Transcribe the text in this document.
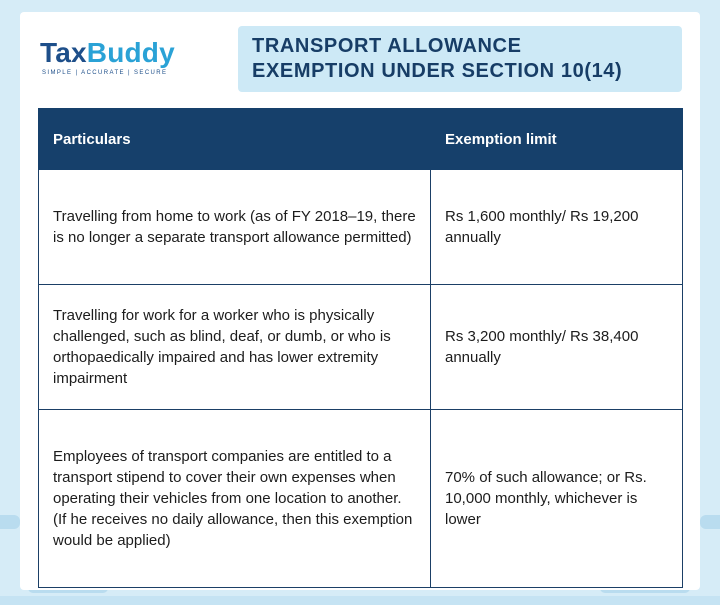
TaxBuddy
SIMPLE | ACCURATE | SECURE
TRANSPORT ALLOWANCE
EXEMPTION UNDER SECTION 10(14)
Particulars	Exemption limit
Travelling from home to work (as of FY 2018–19, there is no longer a separate transport allowance permitted)	Rs 1,600 monthly/ Rs 19,200 annually
Travelling for work for a worker who is physically challenged, such as blind, deaf, or dumb, or who is orthopaedically impaired and has lower extremity impairment	Rs 3,200 monthly/ Rs 38,400 annually
Employees of transport companies are entitled to a transport stipend to cover their own expenses when operating their vehicles from one location to another. (If he receives no daily allowance, then this exemption would be applied)	70% of such allowance; or Rs. 10,000 monthly, whichever is lower
